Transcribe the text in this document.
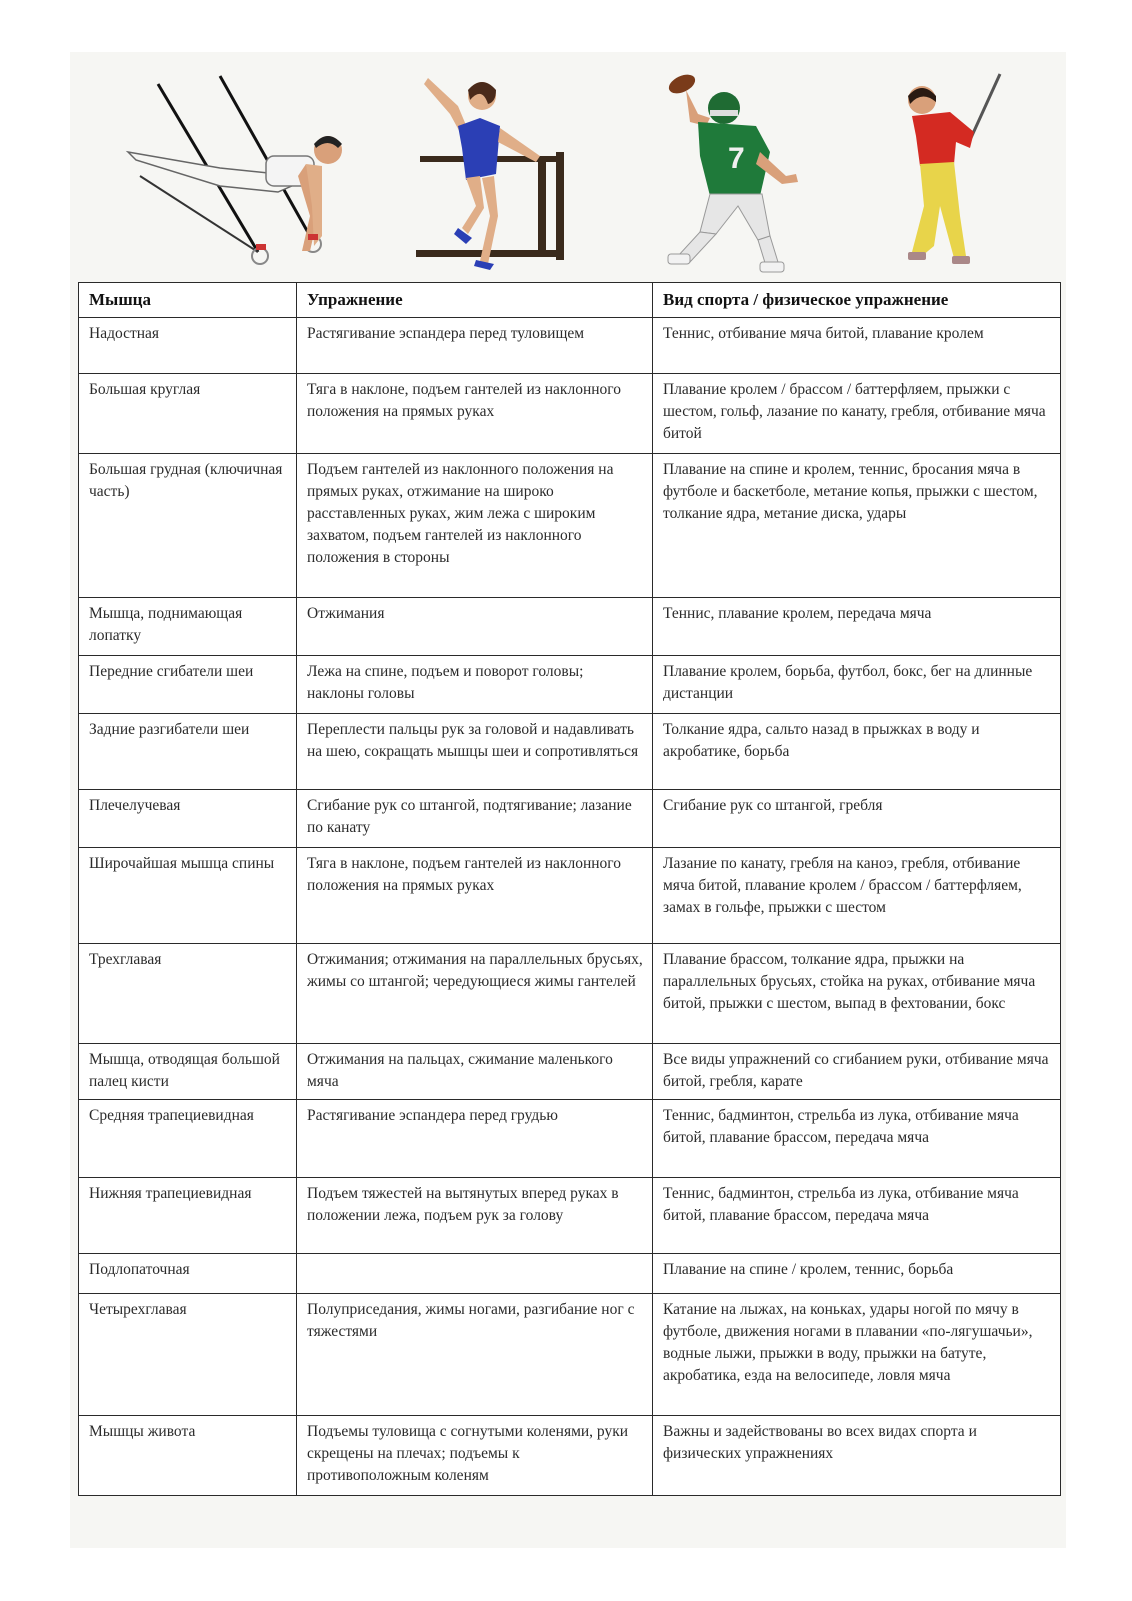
7
Мышца	Упражнение	Вид спорта / физическое упражнение
Надостная	Растягивание эспандера перед туловищем	Теннис, отбивание мяча битой, плавание кролем
Большая круглая	Тяга в наклоне, подъем гантелей из наклонного положения на прямых руках	Плавание кролем / брассом / баттерфляем, прыжки с шестом, гольф, лазание по канату, гребля, отбивание мяча битой
Большая грудная (ключичная часть)	Подъем гантелей из наклонного положения на прямых руках, отжимание на широко расставленных руках, жим лежа с широким захватом, подъем гантелей из наклонного положения в стороны	Плавание на спине и кролем, теннис, бросания мяча в футболе и баскетболе, метание копья, прыжки с шестом, толкание ядра, метание диска, удары
Мышца, поднимающая лопатку	Отжимания	Теннис, плавание кролем, передача мяча
Передние сгибатели шеи	Лежа на спине, подъем и поворот головы; наклоны головы	Плавание кролем, борьба, футбол, бокс, бег на длинные дистанции
Задние разгибатели шеи	Переплести пальцы рук за головой и надавливать на шею, сокращать мышцы шеи и сопротивляться	Толкание ядра, сальто назад в прыжках в воду и акробатике, борьба
Плечелучевая	Сгибание рук со штангой, подтягивание; лазание по канату	Сгибание рук со штангой, гребля
Широчайшая мышца спины	Тяга в наклоне, подъем гантелей из наклонного положения на прямых руках	Лазание по канату, гребля на каноэ, гребля, отбивание мяча битой, плавание кролем / брассом / баттерфляем, замах в гольфе, прыжки с шестом
Трехглавая	Отжимания; отжимания на параллельных брусьях, жимы со штангой; чередующиеся жимы гантелей	Плавание брассом, толкание ядра, прыжки на параллельных брусьях, стойка на руках, отбивание мяча битой, прыжки с шестом, выпад в фехтовании, бокс
Мышца, отводящая большой палец кисти	Отжимания на пальцах, сжимание маленького мяча	Все виды упражнений со сгибанием руки, отбивание мяча битой, гребля, карате
Средняя трапециевидная	Растягивание эспандера перед грудью	Теннис, бадминтон, стрельба из лука, отбивание мяча битой, плавание брассом, передача мяча
Нижняя трапециевидная	Подъем тяжестей на вытянутых вперед руках в положении лежа, подъем рук за голову	Теннис, бадминтон, стрельба из лука, отбивание мяча битой, плавание брассом, передача мяча
Подлопаточная		Плавание на спине / кролем, теннис, борьба
Четырехглавая	Полуприседания, жимы ногами, разгибание ног с тяжестями	Катание на лыжах, на коньках, удары ногой по мячу в футболе, движения ногами в плавании «по-лягушачьи», водные лыжи, прыжки в воду, прыжки на батуте, акробатика, езда на велосипеде, ловля мяча
Мышцы живота	Подъемы туловища с согнутыми коленями, руки скрещены на плечах; подъемы к противоположным коленям	Важны и задействованы во всех видах спорта и физических упражнениях
